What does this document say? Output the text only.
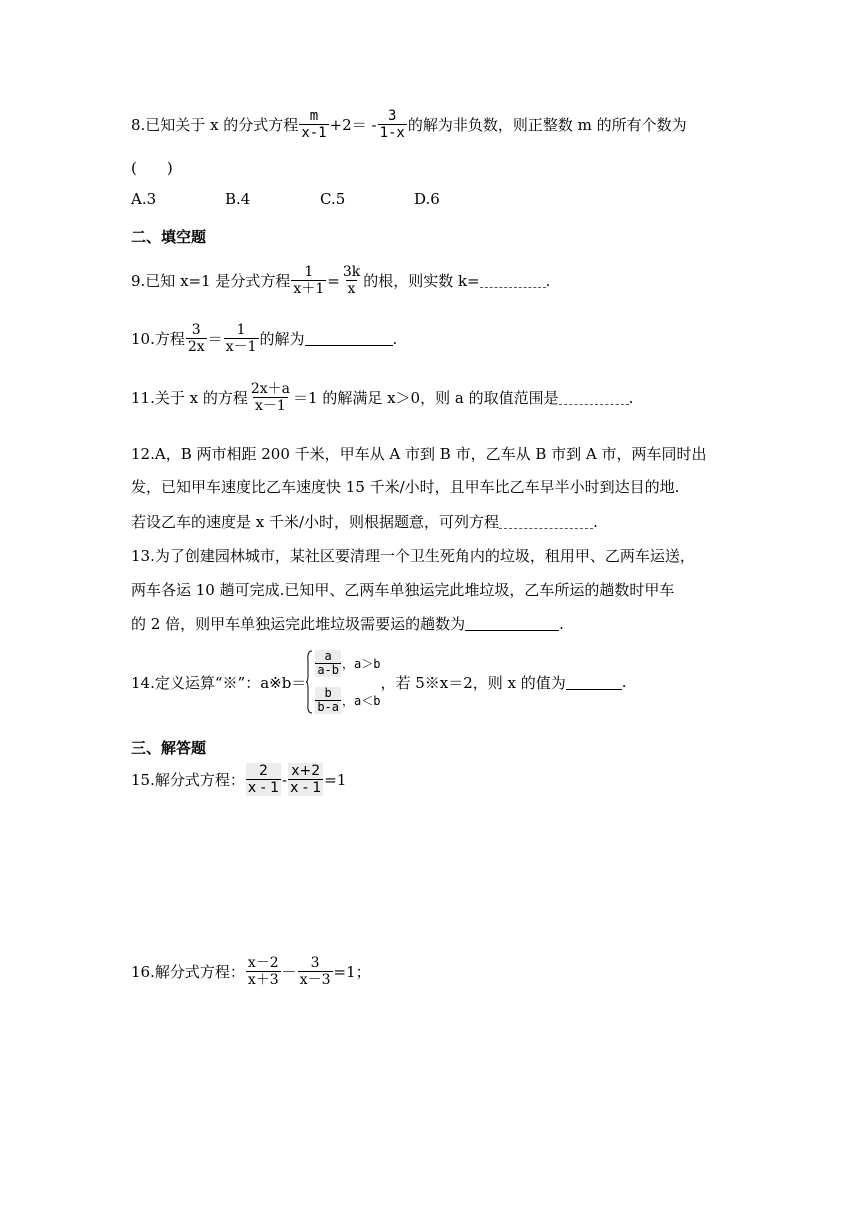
8.已知关于 x 的分式方程 $\frac{m}{x-1} +2= - \frac{3}{1-x}$ 的解为非负数，则正整数 m 的所有个数为
(　　)
A.3	B.4	C.5	D.6
二、填空题
9.已知 x=1 是分式方程 $\frac{1}{x+1} = \frac{3k}{x}$ 的根，则实数 k=	.
10.方程 $\frac{3}{2x} = \frac{1}{x-1}$ 的解为	.
11.关于 x 的方程 $\frac{2x+a}{x-1} =1$ 的解满足 x＞0，则 a 的取值范围是	.
12.A，B 两市相距 200 千米，甲车从 A 市到 B 市，乙车从 B 市到 A 市，两车同时出
发，已知甲车速度比乙车速度快 15 千米/小时，且甲车比乙车早半小时到达目的地.
若设乙车的速度是 x 千米/小时，则根据题意，可列方程	.
13.为了创建园林城市，某社区要清理一个卫生死角内的垃圾，租用甲、乙两车运送，
两车各运 10 趟可完成.已知甲、乙两车单独运完此堆垃圾，乙车所运的趟数时甲车
的 2 倍，则甲车单独运完此堆垃圾需要运的趟数为	.
14.定义运算“※”：a※b＝
$\frac{a}{a-b}$ ，a＞b
$\frac{b}{b-a}$ ，a＜b
，若 5※x＝2，则 x 的值为	.
三、解答题
15.解分式方程： $\frac{2}{x - 1} - \frac{x+2}{x - 1} =1$
16.解分式方程： $\frac{x-2}{x+3} - \frac{3}{x-3} =1$；
